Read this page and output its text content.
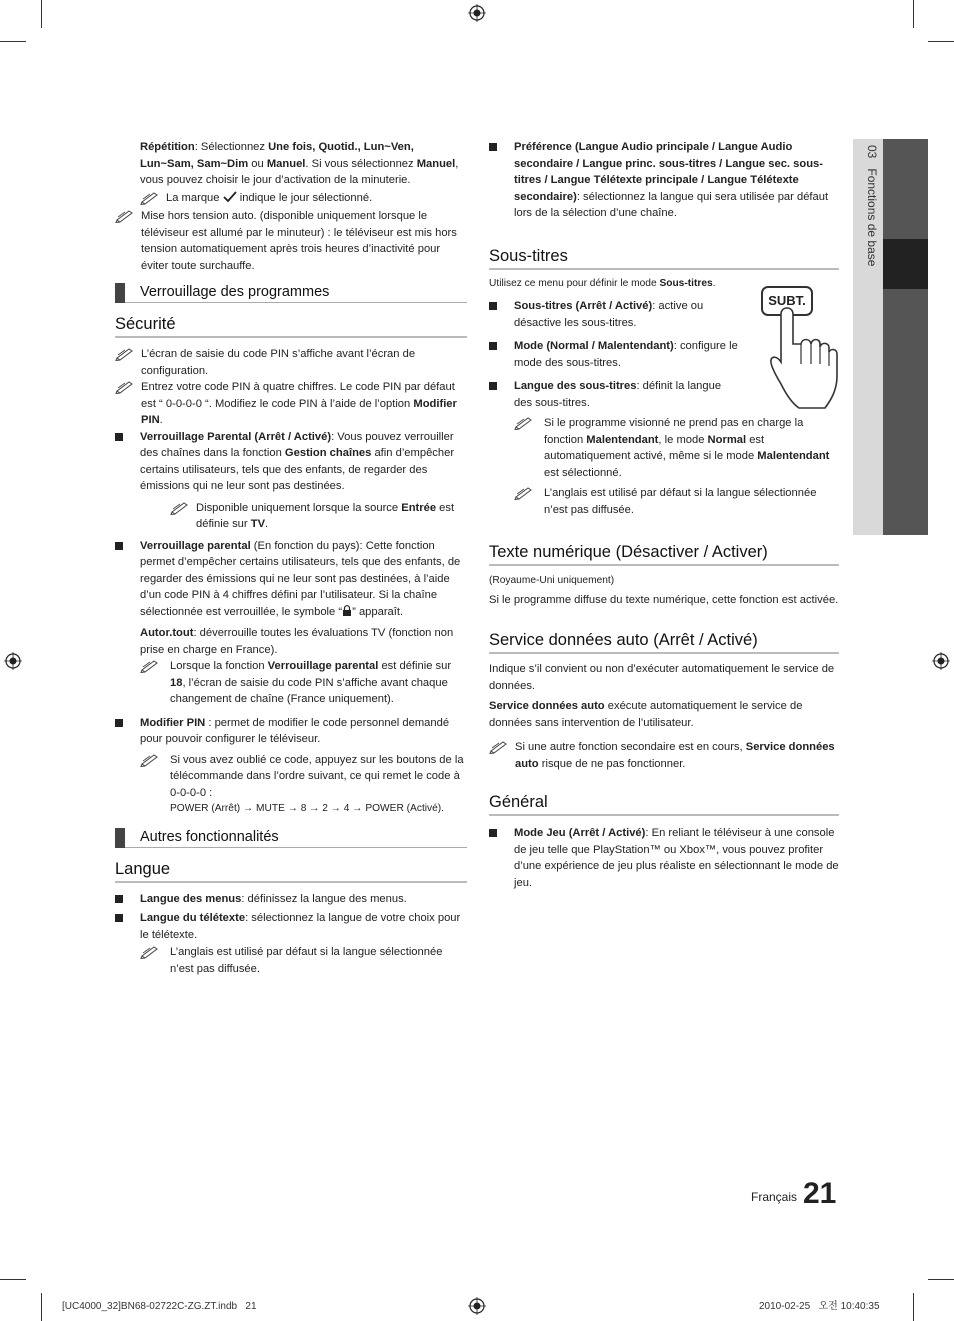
03   Fonctions de base
Répétition: Sélectionnez Une fois, Quotid., Lun~Ven, Lun~Sam, Sam~Dim ou Manuel. Si vous sélectionnez Manuel, vous pouvez choisir le jour d’activation de la minuterie.
La marque  indique le jour sélectionné.
Mise hors tension auto. (disponible uniquement lorsque le téléviseur est allumé par le minuteur) : le téléviseur est mis hors tension automatiquement après trois heures d’inactivité pour éviter toute surchauffe.
Verrouillage des programmes
Sécurité
L’écran de saisie du code PIN s’affiche avant l’écran de configuration.
Entrez votre code PIN à quatre chiffres. Le code PIN par défaut est “ 0-0-0-0 “. Modifiez le code PIN à l’aide de l’option Modifier PIN.
Verrouillage Parental (Arrêt / Activé): Vous pouvez verrouiller des chaînes dans la fonction Gestion chaînes afin d’empêcher certains utilisateurs, tels que des enfants, de regarder des émissions qui ne leur sont pas destinées.
Disponible uniquement lorsque la source Entrée est définie sur TV.
Verrouillage parental (En fonction du pays): Cette fonction permet d’empêcher certains utilisateurs, tels que des enfants, de regarder des émissions qui ne leur sont pas destinées, à l’aide d’un code PIN à 4 chiffres défini par l’utilisateur. Si la chaîne sélectionnée est verrouillée, le symbole “ ” apparaît.
Autor.tout: déverrouille toutes les évaluations TV (fonction non prise en charge en France).
Lorsque la fonction Verrouillage parental est définie sur 18, l’écran de saisie du code PIN s’affiche avant chaque changement de chaîne (France uniquement).
Modifier PIN : permet de modifier le code personnel demandé pour pouvoir configurer le téléviseur.
Si vous avez oublié ce code, appuyez sur les boutons de la télécommande dans l’ordre suivant, ce qui remet le code à 0-0-0-0 :
POWER (Arrêt) → MUTE → 8 → 2 → 4 → POWER (Activé).
Autres fonctionnalités
Langue
Langue des menus: définissez la langue des menus.
Langue du télétexte: sélectionnez la langue de votre choix pour le télétexte.
L’anglais est utilisé par défaut si la langue sélectionnée n’est pas diffusée.
Préférence (Langue Audio principale / Langue Audio secondaire / Langue princ. sous-titres / Langue sec. sous-titres / Langue Télétexte principale / Langue Télétexte secondaire): sélectionnez la langue qui sera utilisée par défaut lors de la sélection d’une chaîne.
Sous-titres
Utilisez ce menu pour définir le mode Sous-titres.
SUBT.
Sous-titres (Arrêt / Activé): active ou désactive les sous-titres.
Mode (Normal / Malentendant): configure le mode des sous-titres.
Langue des sous-titres: définit la langue des sous-titres.
Si le programme visionné ne prend pas en charge la fonction Malentendant, le mode Normal est automatiquement activé, même si le mode Malentendant est sélectionné.
L’anglais est utilisé par défaut si la langue sélectionnée n’est pas diffusée.
Texte numérique (Désactiver / Activer)
(Royaume-Uni uniquement)
Si le programme diffuse du texte numérique, cette fonction est activée.
Service données auto (Arrêt / Activé)
Indique s’il convient ou non d’exécuter automatiquement le service de données.
Service données auto exécute automatiquement le service de données sans intervention de l’utilisateur.
Si une autre fonction secondaire est en cours, Service données auto risque de ne pas fonctionner.
Général
Mode Jeu (Arrêt / Activé): En reliant le téléviseur à une console de jeu telle que PlayStation™ ou Xbox™, vous pouvez profiter d’une expérience de jeu plus réaliste en sélectionnant le mode de jeu.
Français 21
[UC4000_32]BN68-02722C-ZG.ZT.indb   21	2010-02-25   오전 10:40:35
